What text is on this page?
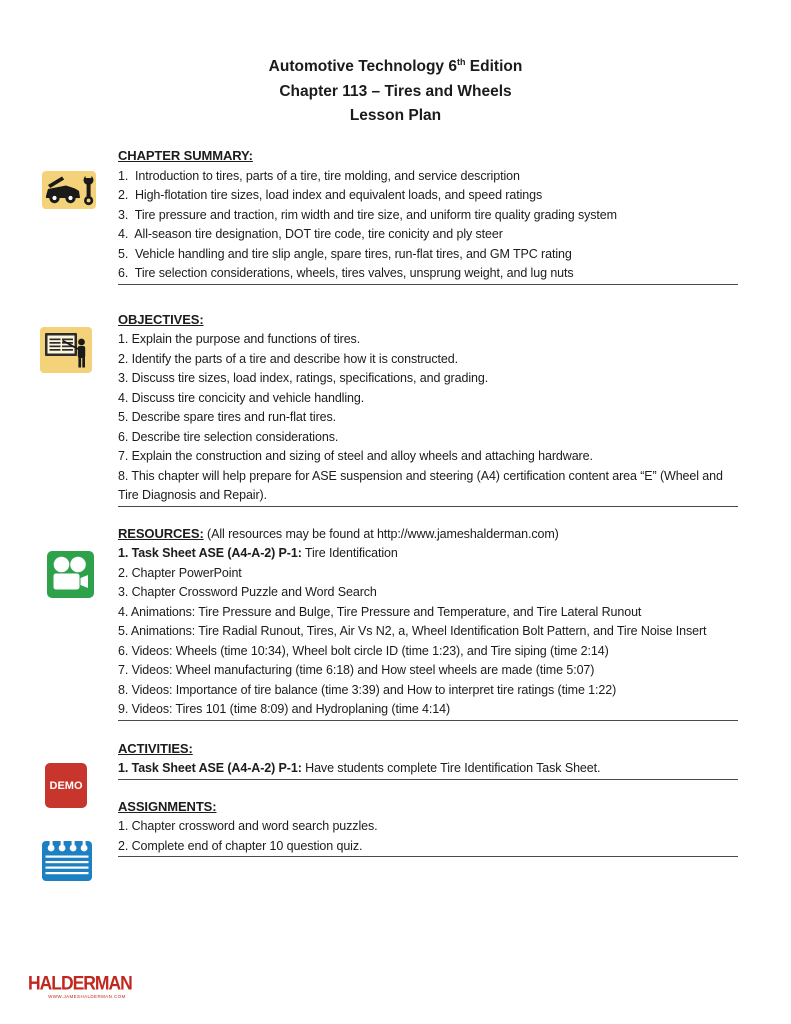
Automotive Technology 6th Edition
Chapter 113 – Tires and Wheels
Lesson Plan
DEMO
CHAPTER SUMMARY:
1.  Introduction to tires, parts of a tire, tire molding, and service description
2.  High-flotation tire sizes, load index and equivalent loads, and speed ratings
3.  Tire pressure and traction, rim width and tire size, and uniform tire quality grading system
4.  All-season tire designation, DOT tire code, tire conicity and ply steer
5.  Vehicle handling and tire slip angle, spare tires, run-flat tires, and GM TPC rating
6.  Tire selection considerations, wheels, tires valves, unsprung weight, and lug nuts
OBJECTIVES:
1. Explain the purpose and functions of tires.
2. Identify the parts of a tire and describe how it is constructed.
3. Discuss tire sizes, load index, ratings, specifications, and grading.
4. Discuss tire concicity and vehicle handling.
5. Describe spare tires and run-flat tires.
6. Describe tire selection considerations.
7. Explain the construction and sizing of steel and alloy wheels and attaching hardware.
8. This chapter will help prepare for ASE suspension and steering (A4) certification content area “E” (Wheel and Tire Diagnosis and Repair).
RESOURCES: (All resources may be found at http://www.jameshalderman.com)
1. Task Sheet ASE (A4-A-2) P-1: Tire Identification
2. Chapter PowerPoint
3. Chapter Crossword Puzzle and Word Search
4. Animations: Tire Pressure and Bulge, Tire Pressure and Temperature, and Tire Lateral Runout
5. Animations: Tire Radial Runout, Tires, Air Vs N2, a, Wheel Identification Bolt Pattern, and Tire Noise Insert
6. Videos: Wheels (time 10:34), Wheel bolt circle ID (time 1:23), and Tire siping (time 2:14)
7. Videos: Wheel manufacturing (time 6:18) and How steel wheels are made (time 5:07)
8. Videos: Importance of tire balance (time 3:39) and How to interpret tire ratings (time 1:22)
9. Videos: Tires 101 (time 8:09) and Hydroplaning (time 4:14)
ACTIVITIES:
1. Task Sheet ASE (A4-A-2) P-1: Have students complete Tire Identification Task Sheet.
ASSIGNMENTS:
1. Chapter crossword and word search puzzles.
2. Complete end of chapter 10 question quiz.
HALDERMAN
WWW.JAMESHALDERMAN.COM
